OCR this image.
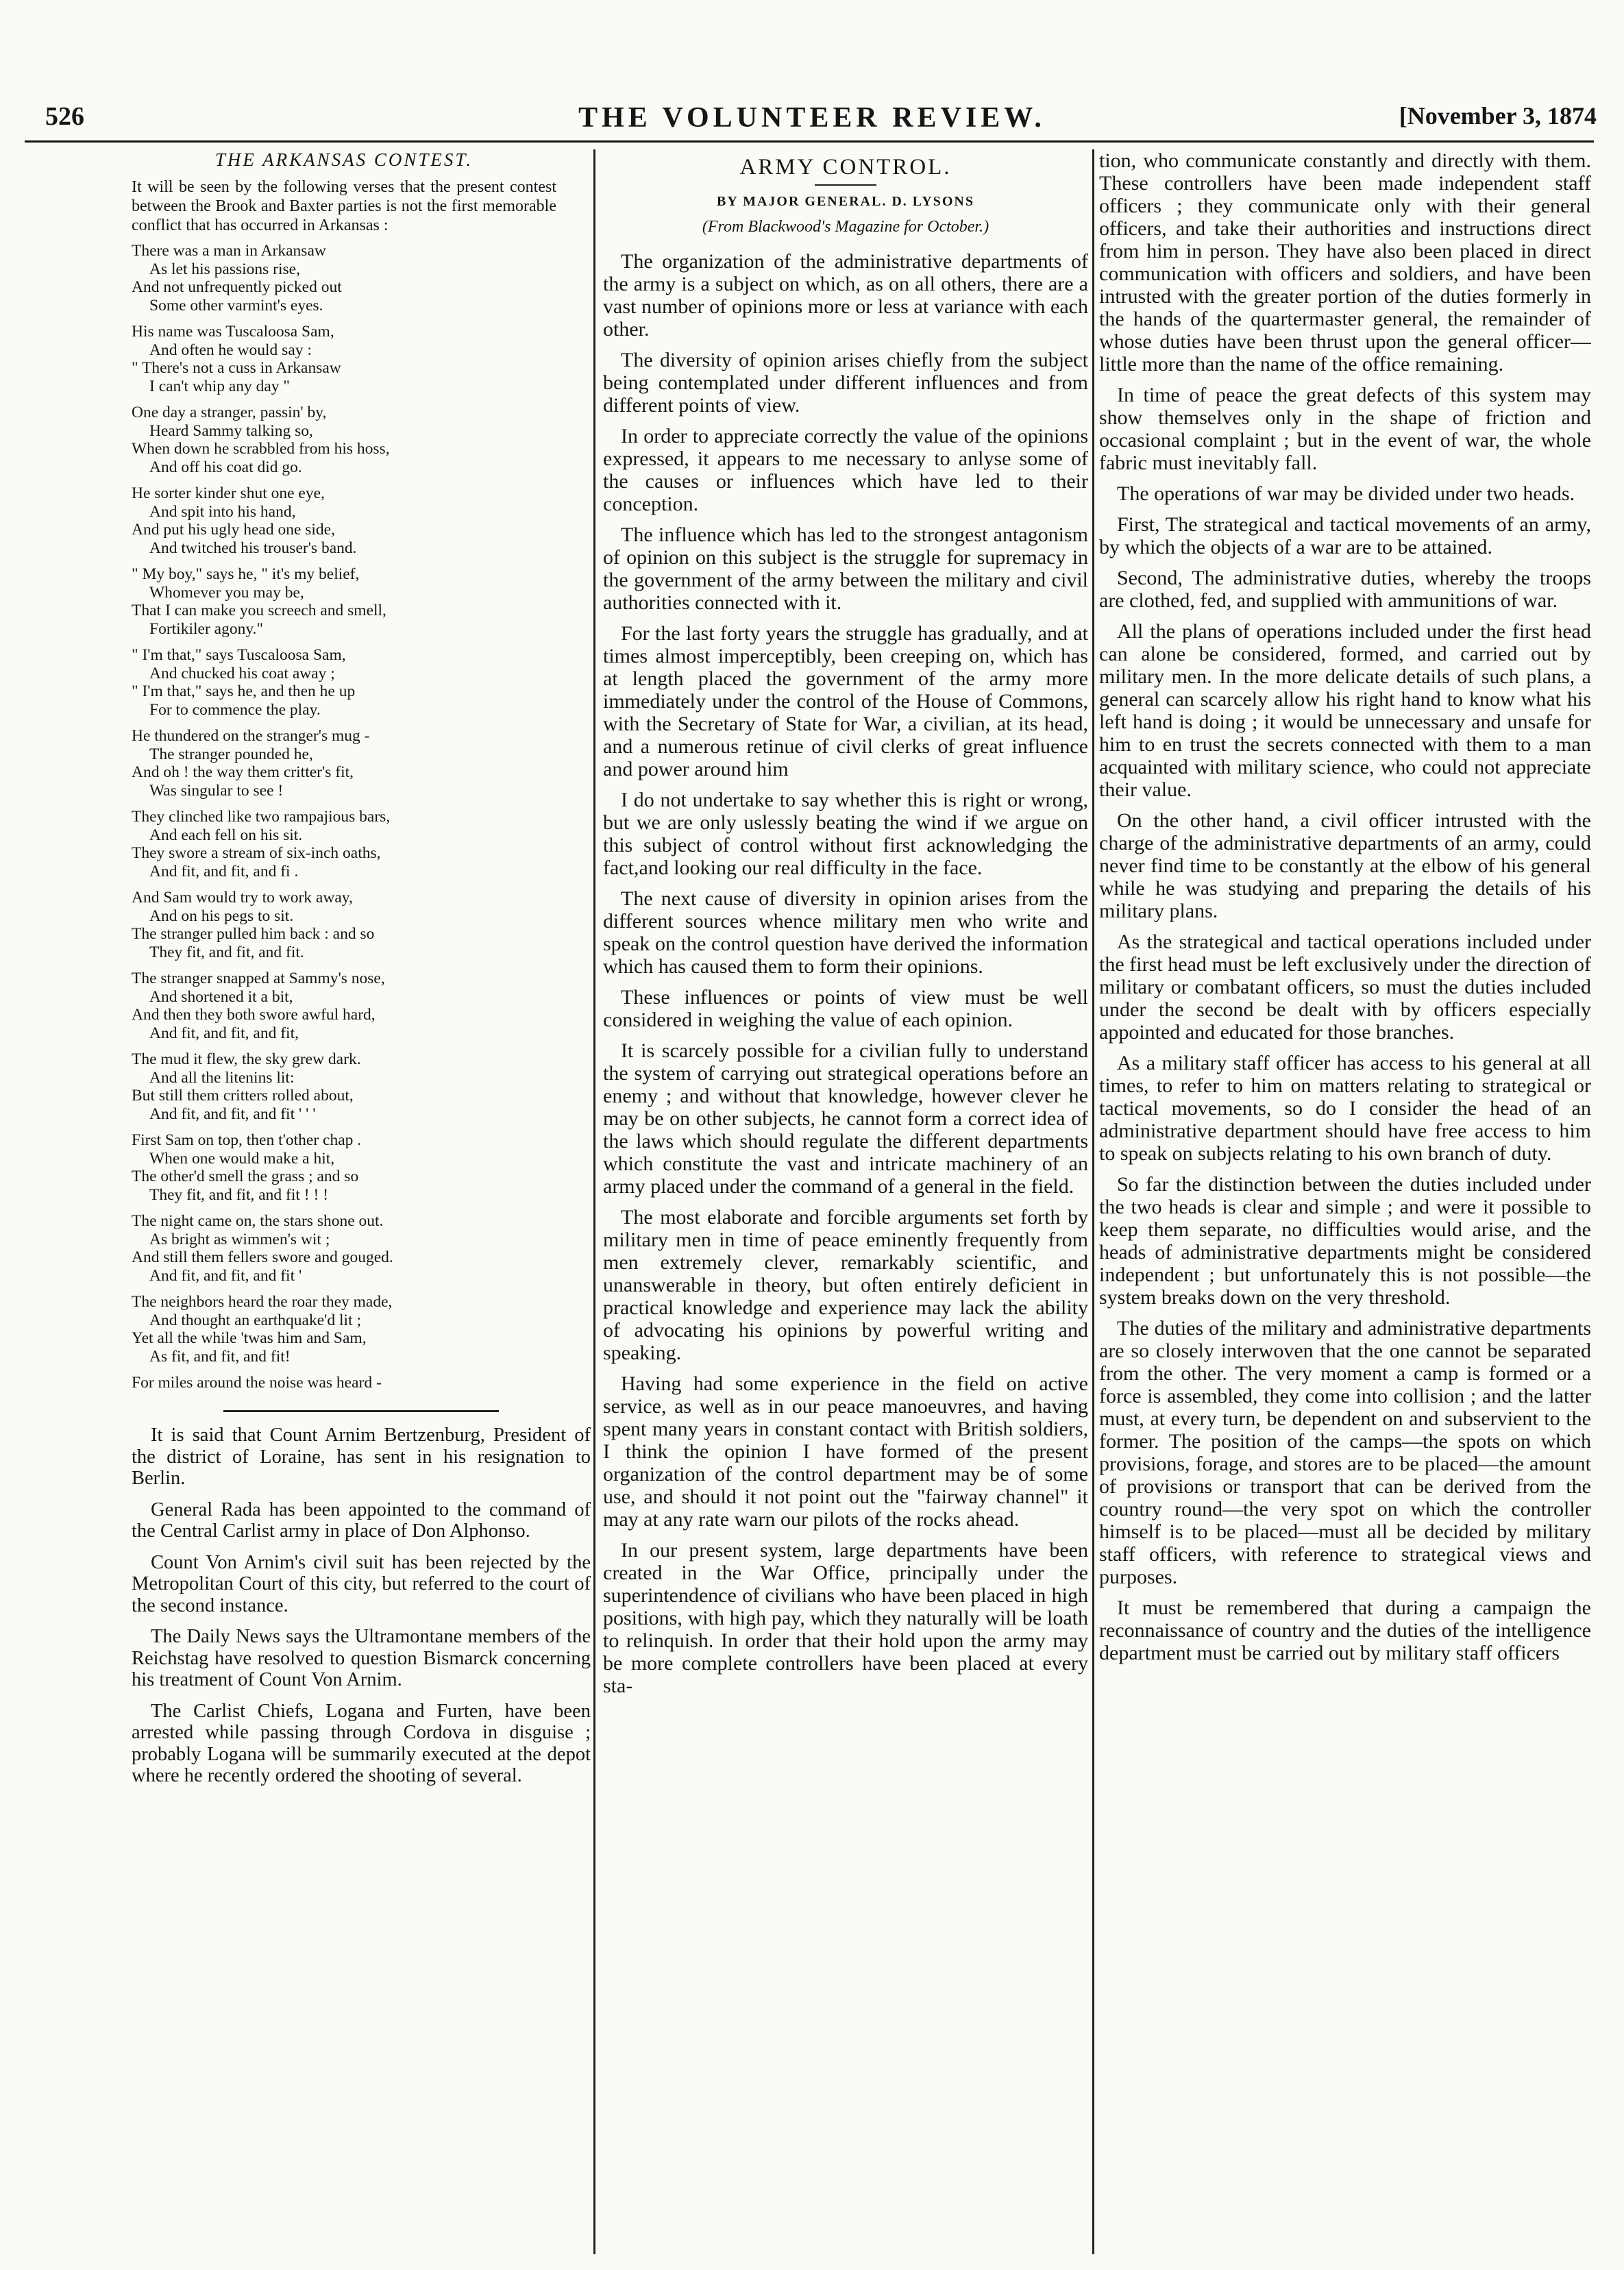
526	THE VOLUNTEER REVIEW.	[November 3, 1874
THE ARKANSAS CONTEST.
It will be seen by the following verses that the present contest between the Brook and Baxter parties is not the first memorable conflict that has occurred in Arkansas :
There was a man in Arkansaw
As let his passions rise,
And not unfrequently picked out
Some other varmint's eyes.
His name was Tuscaloosa Sam,
And often he would say :
" There's not a cuss in Arkansaw
I can't whip any day "
One day a stranger, passin' by,
Heard Sammy talking so,
When down he scrabbled from his hoss,
And off his coat did go.
He sorter kinder shut one eye,
And spit into his hand,
And put his ugly head one side,
And twitched his trouser's band.
" My boy," says he, " it's my belief,
Whomever you may be,
That I can make you screech and smell,
Fortikiler agony."
" I'm that," says Tuscaloosa Sam,
And chucked his coat away ;
" I'm that," says he, and then he up
For to commence the play.
He thundered on the stranger's mug -
The stranger pounded he,
And oh ! the way them critter's fit,
Was singular to see !
They clinched like two rampajious bars,
And each fell on his sit.
They swore a stream of six-inch oaths,
And fit, and fit, and fi .
And Sam would try to work away,
And on his pegs to sit.
The stranger pulled him back : and so
They fit, and fit, and fit.
The stranger snapped at Sammy's nose,
And shortened it a bit,
And then they both swore awful hard,
And fit, and fit, and fit,
The mud it flew, the sky grew dark.
And all the litenins lit:
But still them critters rolled about,
And fit, and fit, and fit ' ' '
First Sam on top, then t'other chap .
When one would make a hit,
The other'd smell the grass ; and so
They fit, and fit, and fit ! ! !
The night came on, the stars shone out.
As bright as wimmen's wit ;
And still them fellers swore and gouged.
And fit, and fit, and fit '
The neighbors heard the roar they made,
And thought an earthquake'd lit ;
Yet all the while 'twas him and Sam,
As fit, and fit, and fit!
For miles around the noise was heard -
It is said that Count Arnim Bertzenburg, President of the district of Loraine, has sent in his resignation to Berlin.
General Rada has been appointed to the command of the Central Carlist army in place of Don Alphonso.
Count Von Arnim's civil suit has been rejected by the Metropolitan Court of this city, but referred to the court of the second instance.
The Daily News says the Ultramontane members of the Reichstag have resolved to question Bismarck concerning his treatment of Count Von Arnim.
The Carlist Chiefs, Logana and Furten, have been arrested while passing through Cordova in disguise ; probably Logana will be summarily executed at the depot where he recently ordered the shooting of several.
ARMY CONTROL.
BY MAJOR GENERAL. D. LYSONS
(From Blackwood's Magazine for October.)
The organization of the administrative departments of the army is a subject on which, as on all others, there are a vast number of opinions more or less at variance with each other.
The diversity of opinion arises chiefly from the subject being contemplated under different influences and from different points of view.
In order to appreciate correctly the value of the opinions expressed, it appears to me necessary to anlyse some of the causes or influences which have led to their conception.
The influence which has led to the strongest antagonism of opinion on this subject is the struggle for supremacy in the government of the army between the military and civil authorities connected with it.
For the last forty years the struggle has gradually, and at times almost imperceptibly, been creeping on, which has at length placed the government of the army more immediately under the control of the House of Commons, with the Secretary of State for War, a civilian, at its head, and a numerous retinue of civil clerks of great influence and power around him
I do not undertake to say whether this is right or wrong, but we are only uslessly beating the wind if we argue on this subject of control without first acknowledging the fact,and looking our real difficulty in the face.
The next cause of diversity in opinion arises from the different sources whence military men who write and speak on the control question have derived the information which has caused them to form their opinions.
These influences or points of view must be well considered in weighing the value of each opinion.
It is scarcely possible for a civilian fully to understand the system of carrying out strategical operations before an enemy ; and without that knowledge, however clever he may be on other subjects, he cannot form a correct idea of the laws which should regulate the different departments which constitute the vast and intricate machinery of an army placed under the command of a general in the field.
The most elaborate and forcible arguments set forth by military men in time of peace eminently frequently from men extremely clever, remarkably scientific, and unanswerable in theory, but often entirely deficient in practical knowledge and experience may lack the ability of advocating his opinions by powerful writing and speaking.
Having had some experience in the field on active service, as well as in our peace manoeuvres, and having spent many years in constant contact with British soldiers, I think the opinion I have formed of the present organization of the control department may be of some use, and should it not point out the "fairway channel" it may at any rate warn our pilots of the rocks ahead.
In our present system, large departments have been created in the War Office, principally under the superintendence of civilians who have been placed in high positions, with high pay, which they naturally will be loath to relinquish. In order that their hold upon the army may be more complete controllers have been placed at every sta-
tion, who communicate constantly and directly with them. These controllers have been made independent staff officers ; they communicate only with their general officers, and take their authorities and instructions direct from him in person. They have also been placed in direct communication with officers and soldiers, and have been intrusted with the greater portion of the duties formerly in the hands of the quartermaster general, the remainder of whose duties have been thrust upon the general officer—little more than the name of the office remaining.
In time of peace the great defects of this system may show themselves only in the shape of friction and occasional complaint ; but in the event of war, the whole fabric must inevitably fall.
The operations of war may be divided under two heads.
First, The strategical and tactical movements of an army, by which the objects of a war are to be attained.
Second, The administrative duties, whereby the troops are clothed, fed, and supplied with ammunitions of war.
All the plans of operations included under the first head can alone be considered, formed, and carried out by military men. In the more delicate details of such plans, a general can scarcely allow his right hand to know what his left hand is doing ; it would be unnecessary and unsafe for him to en trust the secrets connected with them to a man acquainted with military science, who could not appreciate their value.
On the other hand, a civil officer intrusted with the charge of the administrative departments of an army, could never find time to be constantly at the elbow of his general while he was studying and preparing the details of his military plans.
As the strategical and tactical operations included under the first head must be left exclusively under the direction of military or combatant officers, so must the duties included under the second be dealt with by officers especially appointed and educated for those branches.
As a military staff officer has access to his general at all times, to refer to him on matters relating to strategical or tactical movements, so do I consider the head of an administrative department should have free access to him to speak on subjects relating to his own branch of duty.
So far the distinction between the duties included under the two heads is clear and simple ; and were it possible to keep them separate, no difficulties would arise, and the heads of administrative departments might be considered independent ; but unfortunately this is not possible—the system breaks down on the very threshold.
The duties of the military and administrative departments are so closely interwoven that the one cannot be separated from the other. The very moment a camp is formed or a force is assembled, they come into collision ; and the latter must, at every turn, be dependent on and subservient to the former. The position of the camps—the spots on which provisions, forage, and stores are to be placed—the amount of provisions or transport that can be derived from the country round—the very spot on which the controller himself is to be placed—must all be decided by military staff officers, with reference to strategical views and purposes.
It must be remembered that during a campaign the reconnaissance of country and the duties of the intelligence department must be carried out by military staff officers
